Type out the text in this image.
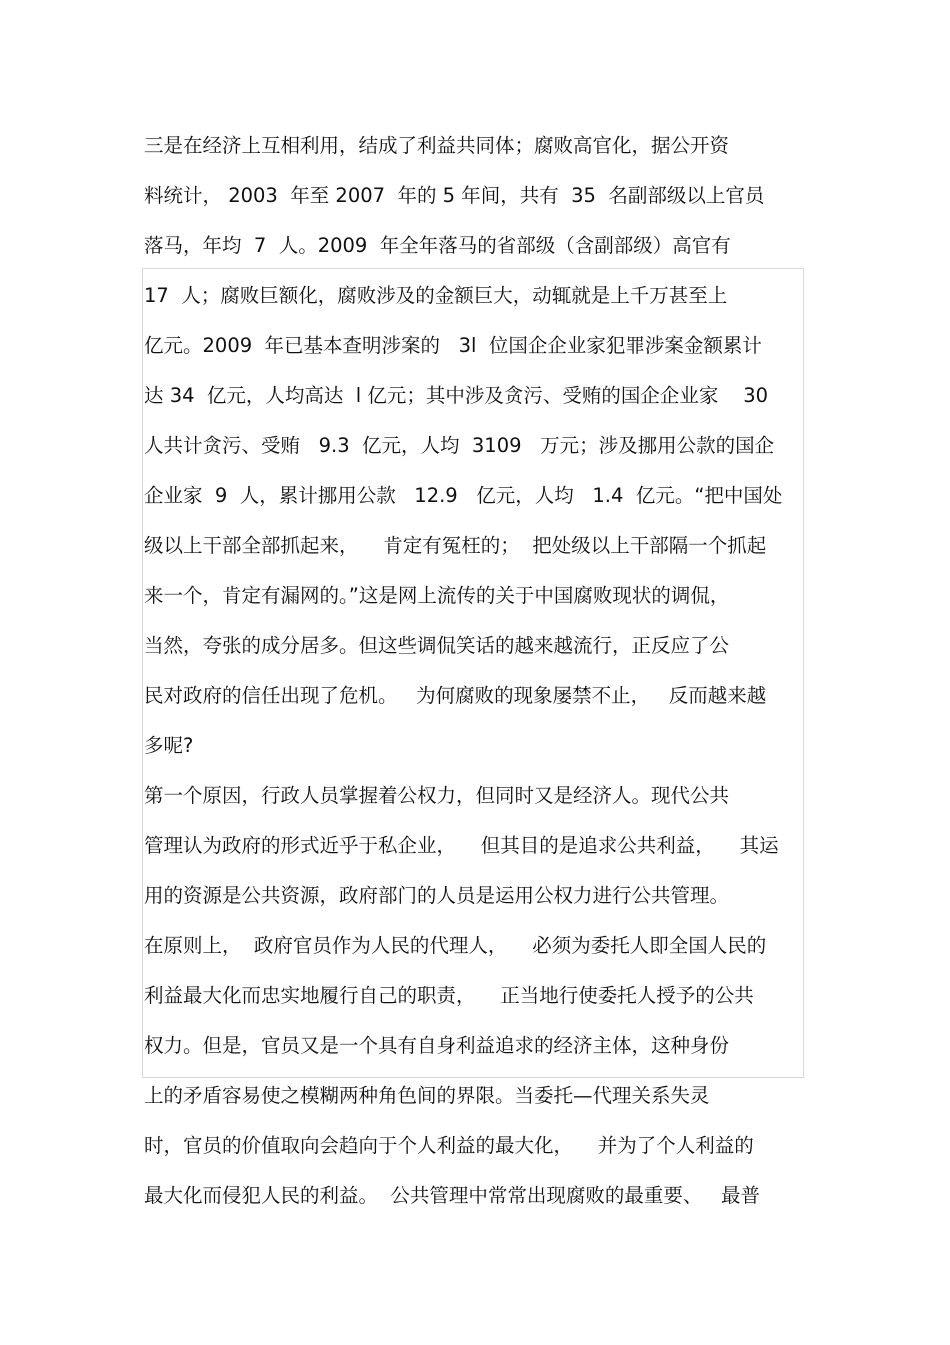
三是在经济上互相利用，结成了利益共同体；腐败高官化，据公开资
料统计， 2003  年至 2007  年的 5 年间，共有  35  名副部级以上官员
落马，年均  7  人。2009  年全年落马的省部级（含副部级）高官有
17  人；腐败巨额化，腐败涉及的金额巨大，动辄就是上千万甚至上
亿元。2009  年已基本查明涉案的   3l  位国企企业家犯罪涉案金额累计
达 34  亿元，人均高达  l 亿元；其中涉及贪污、受贿的国企企业家    30
人共计贪污、受贿   9.3  亿元，人均  3109   万元；涉及挪用公款的国企
企业家  9  人，累计挪用公款   12.9   亿元，人均   1.4  亿元。“把中国处
级以上干部全部抓起来，    肯定有冤枉的；  把处级以上干部隔一个抓起
来一个，肯定有漏网的。”这是网上流传的关于中国腐败现状的调侃，
当然，夸张的成分居多。但这些调侃笑话的越来越流行，正反应了公
民对政府的信任出现了危机。   为何腐败的现象屡禁不止，   反而越来越
多呢?
第一个原因，行政人员掌握着公权力，但同时又是经济人。现代公共
管理认为政府的形式近乎于私企业，    但其目的是追求公共利益，    其运
用的资源是公共资源，政府部门的人员是运用公权力进行公共管理。
在原则上，  政府官员作为人民的代理人，    必须为委托人即全国人民的
利益最大化而忠实地履行自己的职责，    正当地行使委托人授予的公共
权力。但是，官员又是一个具有自身利益追求的经济主体，这种身份
上的矛盾容易使之模糊两种角色间的界限。当委托—代理关系失灵
时，官员的价值取向会趋向于个人利益的最大化，    并为了个人利益的
最大化而侵犯人民的利益。  公共管理中常常出现腐败的最重要、   最普
